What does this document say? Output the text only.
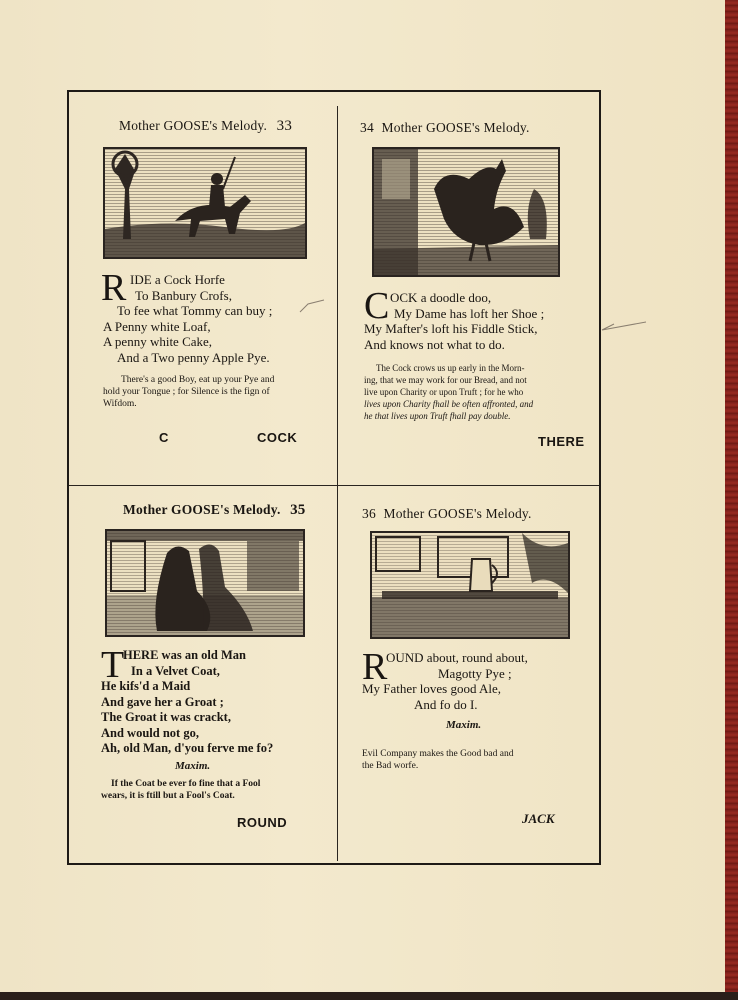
Mother GOOSE's Melody. 33
R IDE a Cock Horfe
To Banbury Crofs,
To fee what Tommy can buy ;
A Penny white Loaf,
A penny white Cake,
And a Two penny Apple Pye.
There's a good Boy, eat up your Pye and
hold your Tongue ; for Silence is the fign of
Wifdom.
C	COCK
34 Mother GOOSE's Melody.
C OCK a doodle doo,
My Dame has loft her Shoe ;
My Mafter's loft his Fiddle Stick,
And knows not what to do.
The Cock crows us up early in the Morn-
ing, that we may work for our Bread, and not
live upon Charity or upon Truft ; for he who
lives upon Charity fhall be often affronted, and
he that lives upon Truft fhall pay double.
THERE
Mother GOOSE's Melody. 35
T
HERE was an old Man
In a Velvet Coat,
He kifs'd a Maid
And gave her a Groat ;
The Groat it was crackt,
And would not go,
Ah, old Man, d'you ferve me fo?
Maxim.
If the Coat be ever fo fine that a Fool
wears, it is ftill but a Fool's Coat.
ROUND
36 Mother GOOSE's Melody.
R
OUND about, round about,
Magotty Pye ;
My Father loves good Ale,
And fo do I.
Maxim.
Evil Company makes the Good bad and
the Bad worfe.
JACK
